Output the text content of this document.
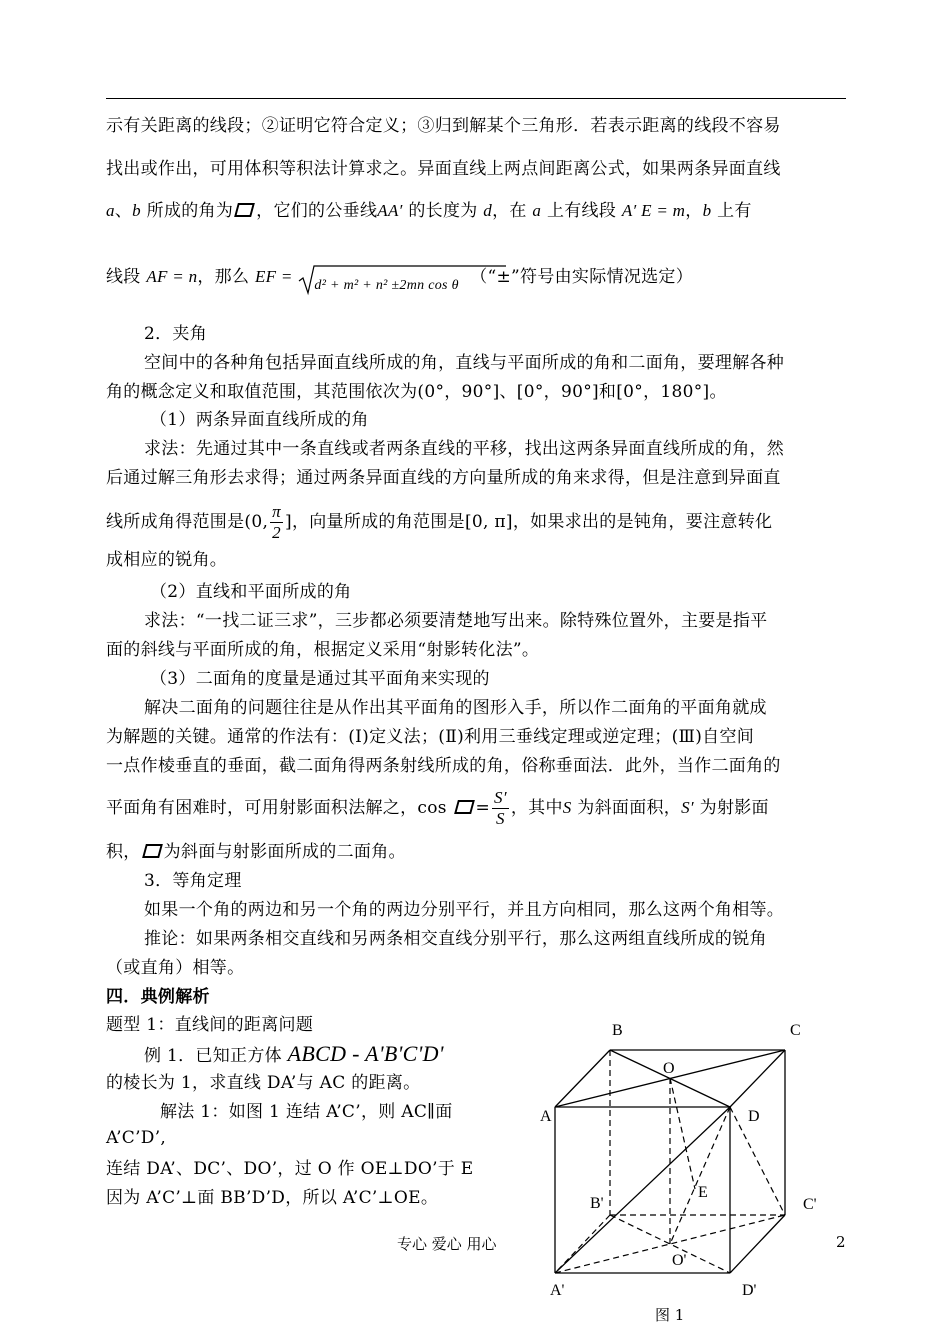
示有关距离的线段；②证明它符合定义；③归到解某个三角形．若表示距离的线段不容易
找出或作出，可用体积等积法计算求之。异面直线上两点间距离公式，如果两条异面直线
a、b 所成的角为 ，它们的公垂线AA′ 的长度为 d，在 a 上有线段 A′ E = m，b 上有
线段 AF = n，那么 EF = d² + m² + n² ±2mn cos θ （“±”符号由实际情况选定）
2．夹角
空间中的各种角包括异面直线所成的角，直线与平面所成的角和二面角，要理解各种
角的概念定义和取值范围，其范围依次为(0°，90°]、[0°，90°]和[0°，180°]。
（1）两条异面直线所成的角
求法：先通过其中一条直线或者两条直线的平移，找出这两条异面直线所成的角，然
后通过解三角形去求得；通过两条异面直线的方向量所成的角来求得，但是注意到异面直
线所成角得范围是(0, $\frac{\pi}{2}$ ]，向量所成的角范围是[0, π]，如果求出的是钝角，要注意转化
成相应的锐角。
（2）直线和平面所成的角
求法：“一找二证三求”，三步都必须要清楚地写出来。除特殊位置外，主要是指平
面的斜线与平面所成的角，根据定义采用“射影转化法”。
（3）二面角的度量是通过其平面角来实现的
解决二面角的问题往往是从作出其平面角的图形入手，所以作二面角的平面角就成
为解题的关键。通常的作法有：(Ⅰ)定义法；(Ⅱ)利用三垂线定理或逆定理；(Ⅲ)自空间
一点作棱垂直的垂面，截二面角得两条射线所成的角，俗称垂面法．此外，当作二面角的
平面角有困难时，可用射影面积法解之，$\cos = \frac{S'}{S}$ ，其中S 为斜面面积，S′ 为射影面
积， 为斜面与射影面所成的二面角。
3．等角定理
如果一个角的两边和另一个角的两边分别平行，并且方向相同，那么这两个角相等。
推论：如果两条相交直线和另两条相交直线分别平行，那么这两组直线所成的锐角
（或直角）相等。
四．典例解析
题型 1：直线间的距离问题
例 1．已知正方体 ABCD - A'B'C'D'
的棱长为 1，求直线 DA’与 AC 的距离。
解法 1：如图 1 连结 A’C’，则 AC∥面
A’C’D’,
连结 DA’、DC’、DO’，过 O 作 OE⊥DO’于 E
因为 A’C’⊥面 BB’D’D，所以 A’C’⊥OE。
B	C
O
A	D
E
B'	C'
O'
A'	D'
图 1
专心 爱心 用心	2
